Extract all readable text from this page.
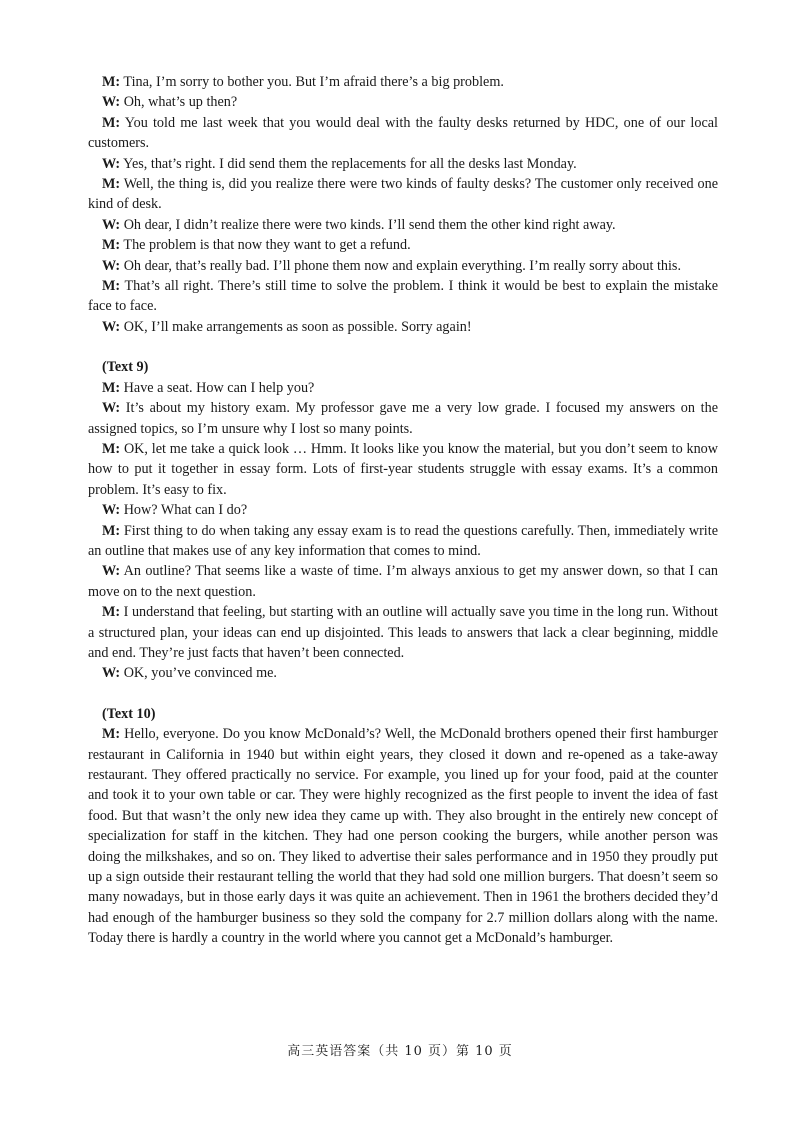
M: Tina, I’m sorry to bother you. But I’m afraid there’s a big problem.

W: Oh, what’s up then?

M: You told me last week that you would deal with the faulty desks returned by HDC, one of our local customers.

W: Yes, that’s right. I did send them the replacements for all the desks last Monday.

M: Well, the thing is, did you realize there were two kinds of faulty desks? The customer only received one kind of desk.

W: Oh dear, I didn’t realize there were two kinds. I’ll send them the other kind right away.

M: The problem is that now they want to get a refund.

W: Oh dear, that’s really bad. I’ll phone them now and explain everything. I’m really sorry about this.

M: That’s all right. There’s still time to solve the problem. I think it would be best to explain the mistake face to face.

W: OK, I’ll make arrangements as soon as possible. Sorry again!

(Text 9)

M: Have a seat. How can I help you?

W: It’s about my history exam. My professor gave me a very low grade. I focused my answers on the assigned topics, so I’m unsure why I lost so many points.

M: OK, let me take a quick look … Hmm. It looks like you know the material, but you don’t seem to know how to put it together in essay form. Lots of first-year students struggle with essay exams. It’s a common problem. It’s easy to fix.

W: How? What can I do?

M: First thing to do when taking any essay exam is to read the questions carefully. Then, immediately write an outline that makes use of any key information that comes to mind.

W: An outline? That seems like a waste of time. I’m always anxious to get my answer down, so that I can move on to the next question.

M: I understand that feeling, but starting with an outline will actually save you time in the long run. Without a structured plan, your ideas can end up disjointed. This leads to answers that lack a clear beginning, middle and end. They’re just facts that haven’t been connected.

W: OK, you’ve convinced me.

(Text 10)

M: Hello, everyone. Do you know McDonald’s? Well, the McDonald brothers opened their first hamburger restaurant in California in 1940 but within eight years, they closed it down and re-opened as a take-away restaurant. They offered practically no service. For example, you lined up for your food, paid at the counter and took it to your own table or car. They were highly recognized as the first people to invent the idea of fast food. But that wasn’t the only new idea they came up with. They also brought in the entirely new concept of specialization for staff in the kitchen. They had one person cooking the burgers, while another person was doing the milkshakes, and so on. They liked to advertise their sales performance and in 1950 they proudly put up a sign outside their restaurant telling the world that they had sold one million burgers. That doesn’t seem so many nowadays, but in those early days it was quite an achievement. Then in 1961 the brothers decided they’d had enough of the hamburger business so they sold the company for 2.7 million dollars along with the name. Today there is hardly a country in the world where you cannot get a McDonald’s hamburger.

高三英语答案（共 10 页）第 10 页
